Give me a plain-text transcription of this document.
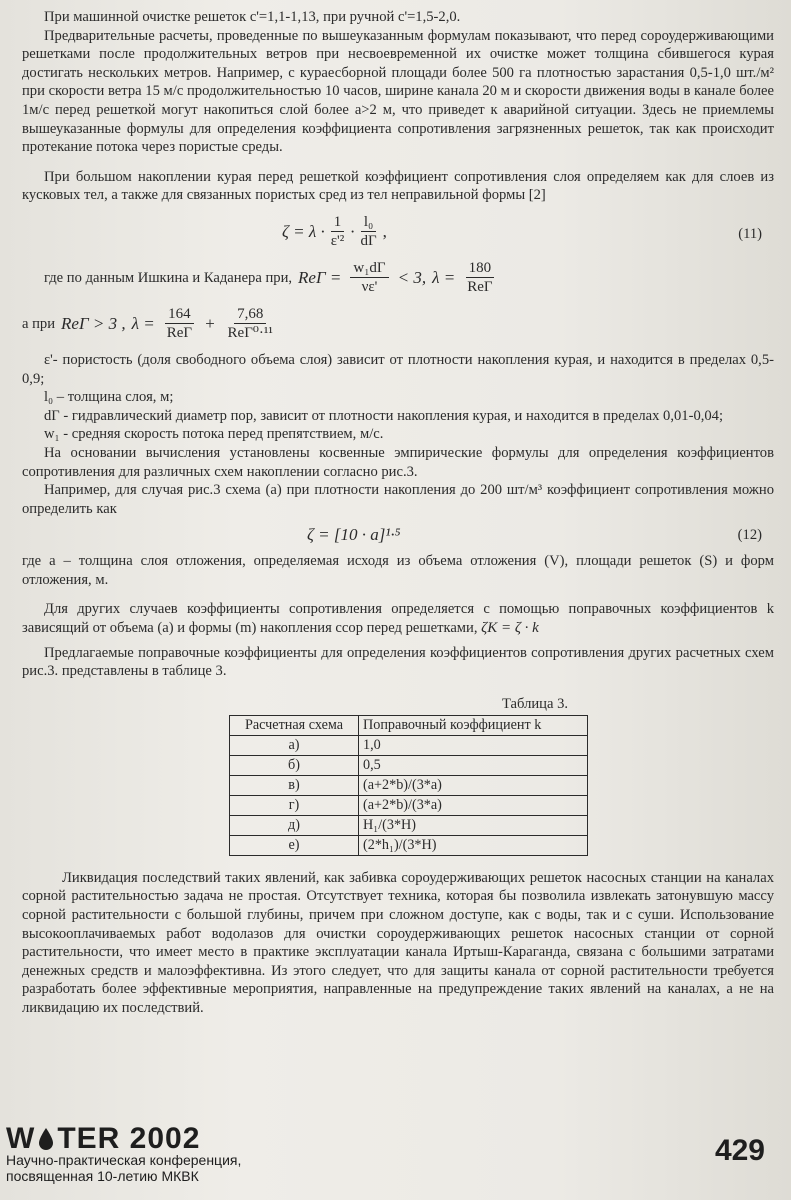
При машинной очистке решеток c'=1,1-1,13, при ручной c'=1,5-2,0.

Предварительные расчеты, проведенные по вышеуказанным формулам показывают, что перед сороудерживающими решетками после продолжительных ветров при несвоевременной их очистке может толщина сбившегося курая достигать нескольких метров. Например, с кураесборной площади более 500 га плотностью зарастания 0,5-1,0 шт./м² при скорости ветра 15 м/с продолжительностью 10 часов, ширине канала 20 м и скорости движения воды в канале более 1м/с перед решеткой могут накопиться слой более а>2 м, что приведет к аварийной ситуации. Здесь не приемлемы вышеуказанные формулы для определения коэффициента сопротивления загрязненных решеток, так как происходит протекание потока через пористые среды.

При большом накоплении курая перед решеткой коэффициент сопротивления слоя определяем как для слоев из кусковых тел, а также для связанных пористых сред из тел неправильной формы [2]

$\zeta = \lambda \cdot \frac{1}{\text{ε'²}} \cdot \frac{\text{l₀}}{dГ}$ ,	(11)
где по данным Ишкина и Каданера при, ReГ = $\frac{\text{w₁dГ}}{\nu\varepsilon'} < 3$, $\lambda = \frac{180}{\text{ReГ}}$
а при ReГ > 3 , $\lambda = \frac{164}{\text{ReГ}} + \frac{7,68}{\text{ReГ⁰·¹¹}}$

ε'- пористость (доля свободного объема слоя) зависит от плотности накопления курая, и находится в пределах 0,5-0,9;

l₀ – толщина слоя, м;

dГ - гидравлический диаметр пор, зависит от плотности накопления курая, и находится в пределах 0,01-0,04;

w₁ - средняя скорость потока перед препятствием, м/с.

На основании вычисления установлены косвенные эмпирические формулы для определения коэффициентов сопротивления для различных схем накоплении согласно рис.3.

Например, для случая рис.3 схема (а) при плотности накопления до 200 шт/м³ коэффициент сопротивления можно определить как

ζ = [10 · a]¹·⁵	(12)

где а – толщина слоя отложения, определяемая исходя из объема отложения (V), площади решеток (S) и форм отложения, м.

Для других случаев коэффициенты сопротивления определяется с помощью поправочных коэффициентов k зависящий от объема (а) и формы (m) накопления ссор перед решетками, ζK = ζ · k

Предлагаемые поправочные коэффициенты для определения коэффициентов сопротивления других расчетных схем рис.3. представлены в таблице 3.

Таблица 3.
Расчетная схема	Поправочный коэффициент k
а)	1,0
б)	0,5
в)	(a+2*b)/(3*a)
г)	(a+2*b)/(3*a)
д)	H₁/(3*H)
е)	(2*h₁)/(3*H)

Ликвидация последствий таких явлений, как забивка сороудерживающих решеток насосных станции на каналах сорной растительностью задача не простая. Отсутствует техника, которая бы позволила извлекать затонувшую массу сорной растительности с большой глубины, причем при сложном доступе, как с воды, так и с суши. Использование высокооплачиваемых работ водолазов для очистки сороудерживающих решеток насосных станции от сорной растительности, что имеет место в практике эксплуатации канала Иртыш-Караганда, связана с большими затратами денежных средств и малоэффективна. Из этого следует, что для защиты канала от сорной растительности требуется разработать более эффективные мероприятия, направленные на предупреждение таких явлений на каналах, а не на ликвидацию их последствий.

W TER 2002
Научно-практическая конференция,
посвященная 10-летию МКВК
429
